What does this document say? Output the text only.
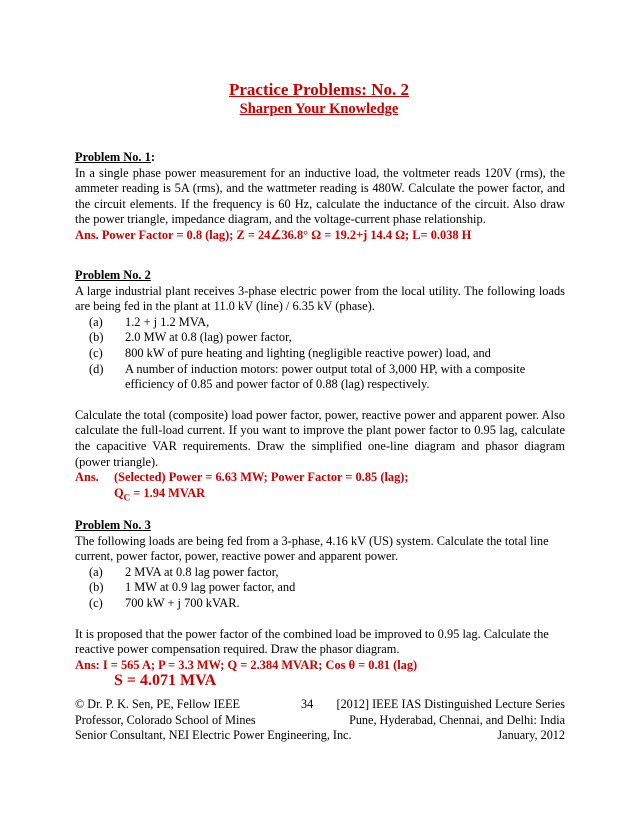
Practice Problems: No. 2
Sharpen Your Knowledge
Problem No. 1:
In a single phase power measurement for an inductive load, the voltmeter reads 120V (rms), the ammeter reading is 5A (rms), and the wattmeter reading is 480W. Calculate the power factor, and the circuit elements. If the frequency is 60 Hz, calculate the inductance of the circuit. Also draw the power triangle, impedance diagram, and the voltage-current phase relationship.
Ans. Power Factor = 0.8 (lag); Z = 24∠36.8° Ω = 19.2+j 14.4 Ω; L= 0.038 H
Problem No. 2
A large industrial plant receives 3-phase electric power from the local utility. The following loads are being fed in the plant at 11.0 kV (line) / 6.35 kV (phase).
(a)	1.2 + j 1.2 MVA,
(b)	2.0 MW at 0.8 (lag) power factor,
(c)	800 kW of pure heating and lighting (negligible reactive power) load, and
(d)	A number of induction motors: power output total of 3,000 HP, with a composite efficiency of 0.85 and power factor of 0.88 (lag) respectively.
Calculate the total (composite) load power factor, power, reactive power and apparent power. Also calculate the full-load current. If you want to improve the plant power factor to 0.95 lag, calculate the capacitive VAR requirements. Draw the simplified one-line diagram and phasor diagram (power triangle).
Ans.	(Selected) Power = 6.63 MW; Power Factor = 0.85 (lag);
$Q_C = 1.94$ MVAR
Problem No. 3
The following loads are being fed from a 3-phase, 4.16 kV (US) system. Calculate the total line current, power factor, power, reactive power and apparent power.
(a)	2 MVA at 0.8 lag power factor,
(b)	1 MW at 0.9 lag power factor, and
(c)	700 kW + j 700 kVAR.
It is proposed that the power factor of the combined load be improved to 0.95 lag. Calculate the reactive power compensation required. Draw the phasor diagram.
Ans: I = 565 A; P = 3.3 MW; Q = 2.384 MVAR; Cos θ = 0.81 (lag)
S = 4.071 MVA
© Dr. P. K. Sen, PE, Fellow IEEE
Professor, Colorado School of Mines
Senior Consultant, NEI Electric Power Engineering, Inc.
34 [2012] IEEE IAS Distinguished Lecture Series
Pune, Hyderabad, Chennai, and Delhi: India
January, 2012
